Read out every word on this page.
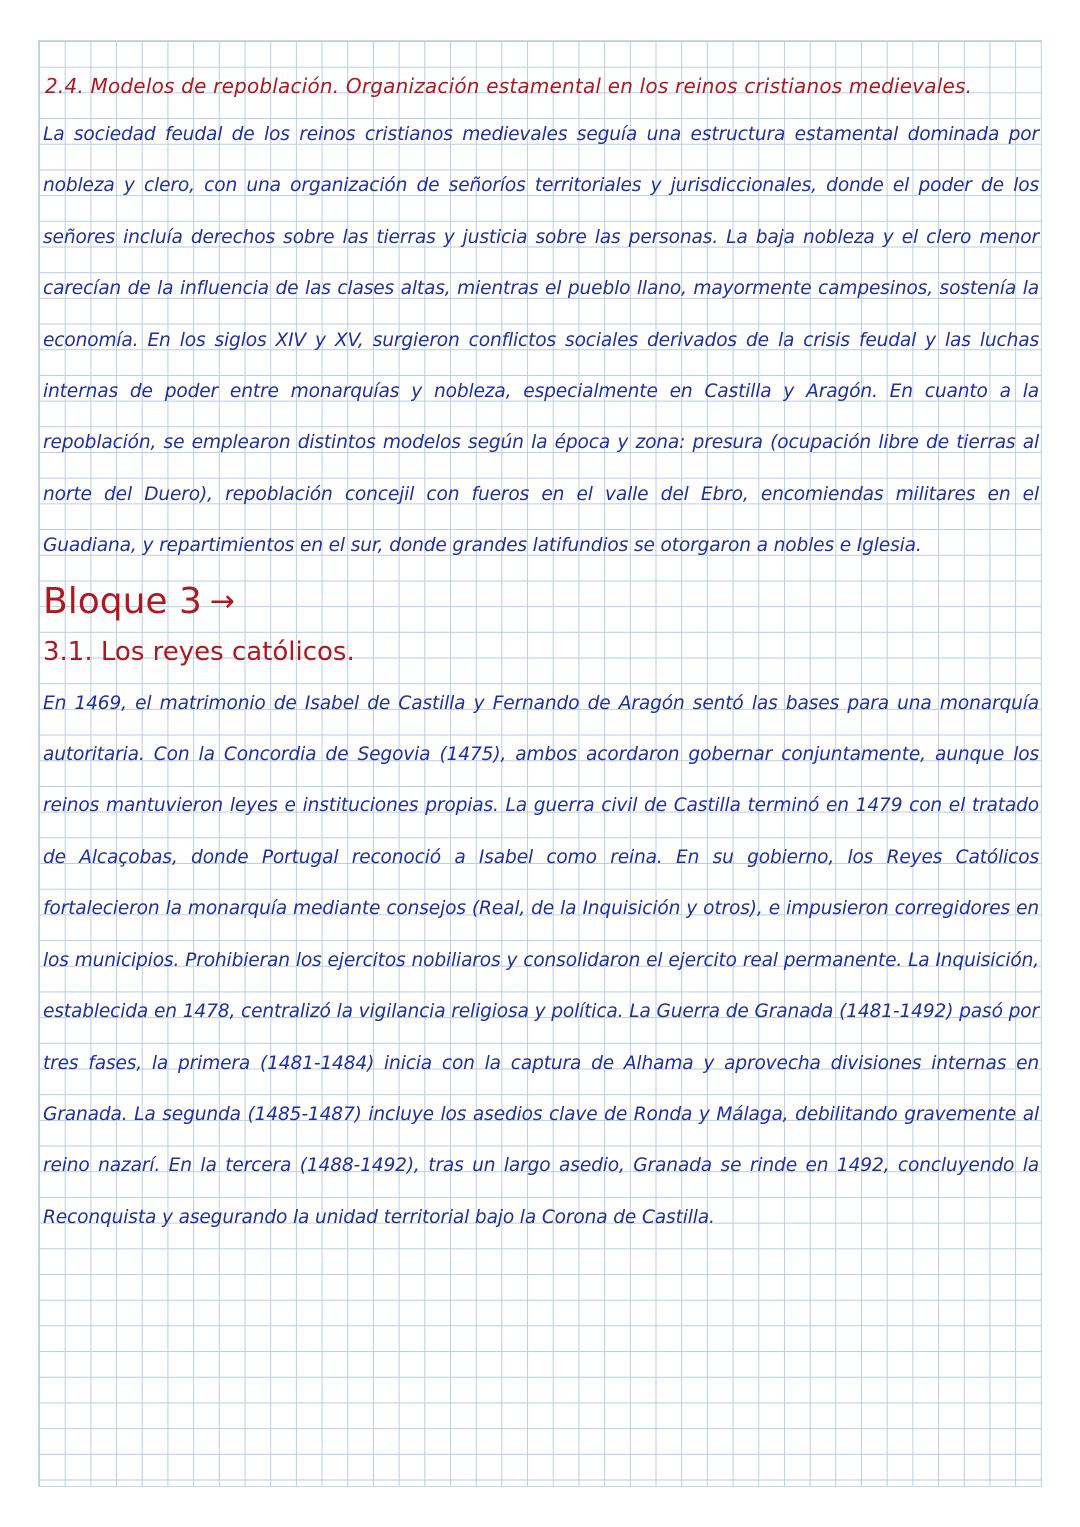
2.4. Modelos de repoblación. Organización estamental en los reinos cristianos medievales.

La sociedad feudal de los reinos cristianos medievales seguía una estructura estamental dominada por nobleza y clero, con una organización de señoríos territoriales y jurisdiccionales, donde el poder de los señores incluía derechos sobre las tierras y justicia sobre las personas. La baja nobleza y el clero menor carecían de la influencia de las clases altas, mientras el pueblo llano, mayormente campesinos, sostenía la economía. En los siglos XIV y XV, surgieron conflictos sociales derivados de la crisis feudal y las luchas internas de poder entre monarquías y nobleza, especialmente en Castilla y Aragón. En cuanto a la repoblación, se emplearon distintos modelos según la época y zona: presura (ocupación libre de tierras al norte del Duero), repoblación concejil con fueros en el valle del Ebro, encomiendas militares en el Guadiana, y repartimientos en el sur, donde grandes latifundios se otorgaron a nobles e Iglesia.

Bloque 3 →
3.1. Los reyes católicos.

En 1469, el matrimonio de Isabel de Castilla y Fernando de Aragón sentó las bases para una monarquía autoritaria. Con la Concordia de Segovia (1475), ambos acordaron gobernar conjuntamente, aunque los reinos mantuvieron leyes e instituciones propias. La guerra civil de Castilla terminó en 1479 con el tratado de Alcaçobas, donde Portugal reconoció a Isabel como reina. En su gobierno, los Reyes Católicos fortalecieron la monarquía mediante consejos (Real, de la Inquisición y otros), e impusieron corregidores en los municipios. Prohibieran los ejercitos nobiliaros y consolidaron el ejercito real permanente. La Inquisición, establecida en 1478, centralizó la vigilancia religiosa y política. La Guerra de Granada (1481-1492) pasó por tres fases, la primera (1481-1484) inicia con la captura de Alhama y aprovecha divisiones internas en Granada. La segunda (1485-1487) incluye los asedios clave de Ronda y Málaga, debilitando gravemente al reino nazarí. En la tercera (1488-1492), tras un largo asedio, Granada se rinde en 1492, concluyendo la Reconquista y asegurando la unidad territorial bajo la Corona de Castilla.
